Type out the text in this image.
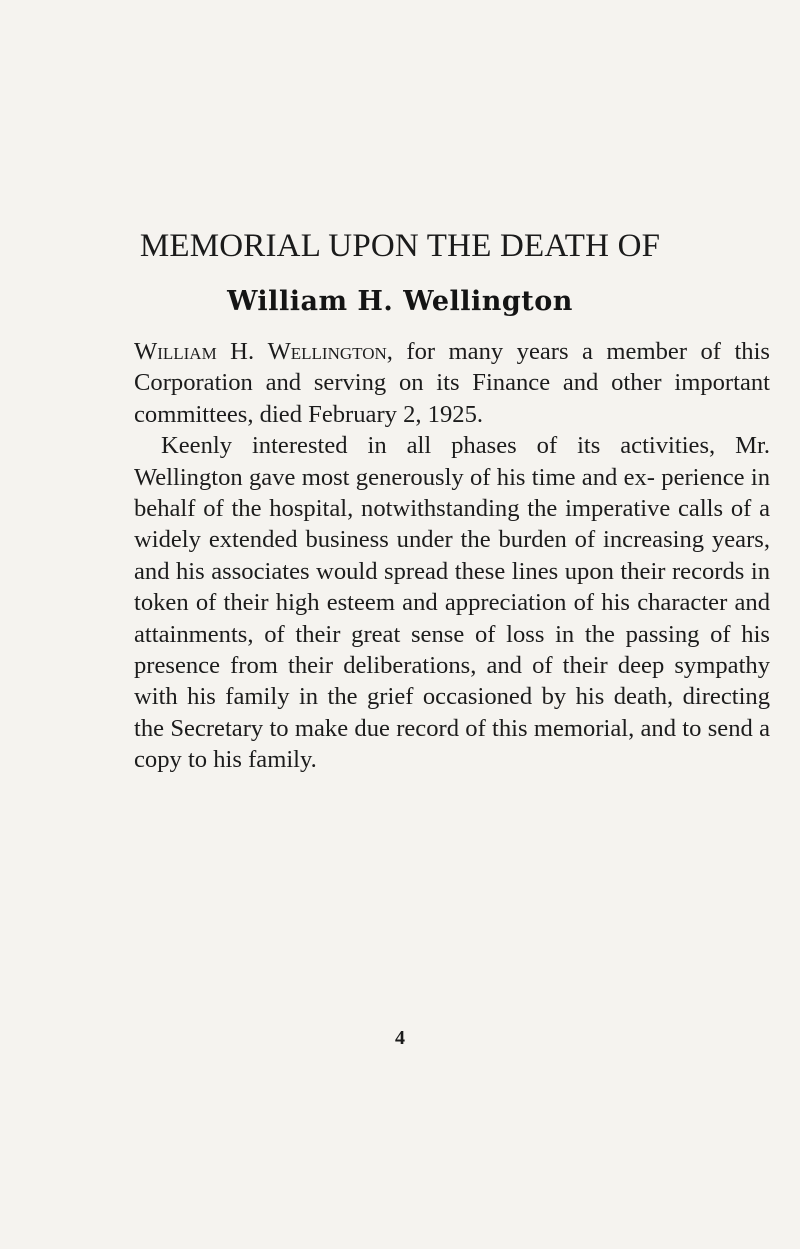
MEMORIAL UPON THE DEATH OF
William H. Wellington

William H. Wellington, for many years a member of this Corporation and serving on its Finance and other important committees, died February 2, 1925.

Keenly interested in all phases of its activities, Mr. Wellington gave most generously of his time and ex- perience in behalf of the hospital, notwithstanding the imperative calls of a widely extended business under the burden of increasing years, and his associates would spread these lines upon their records in token of their high esteem and appreciation of his character and attainments, of their great sense of loss in the passing of his presence from their deliberations, and of their deep sympathy with his family in the grief occasioned by his death, directing the Secretary to make due record of this memorial, and to send a copy to his family.

4
